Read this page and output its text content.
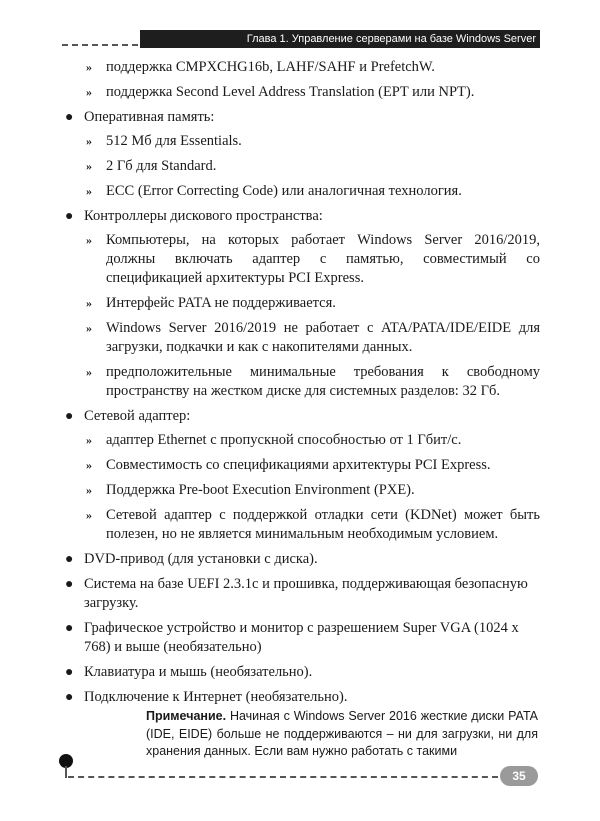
Глава 1. Управление серверами на базе Windows Server
» поддержка CMPXCHG16b, LAHF/SAHF и PrefetchW.
» поддержка Second Level Address Translation (EPT или NPT).
● Оперативная память:
» 512 Мб для Essentials.
» 2 Гб для Standard.
» ECC (Error Correcting Code) или аналогичная технология.
● Контроллеры дискового пространства:
» Компьютеры, на которых работает Windows Server 2016/2019, должны включать адаптер с памятью, совместимый со спецификацией архитектуры PCI Express.
» Интерфейс PATA не поддерживается.
» Windows Server 2016/2019 не работает с ATA/PATA/IDE/EIDE для загрузки, подкачки и как с накопителями данных.
» предположительные минимальные требования к свободному пространству на жестком диске для системных разделов: 32 Гб.
● Сетевой адаптер:
» адаптер Ethernet с пропускной способностью от 1 Гбит/с.
» Совместимость со спецификациями архитектуры PCI Express.
» Поддержка Pre-boot Execution Environment (PXE).
» Сетевой адаптер с поддержкой отладки сети (KDNet) может быть полезен, но не является минимальным необходимым условием.
● DVD-привод (для установки с диска).
● Система на базе UEFI 2.3.1c и прошивка, поддерживающая безопасную загрузку.
● Графическое устройство и монитор с разрешением Super VGA (1024 x 768) и выше (необязательно)
● Клавиатура и мышь (необязательно).
● Подключение к Интернет (необязательно).
Примечание. Начиная с Windows Server 2016 жесткие диски PATA (IDE, EIDE) больше не поддерживаются – ни для загрузки, ни для хранения данных. Если вам нужно работать с такими
35
